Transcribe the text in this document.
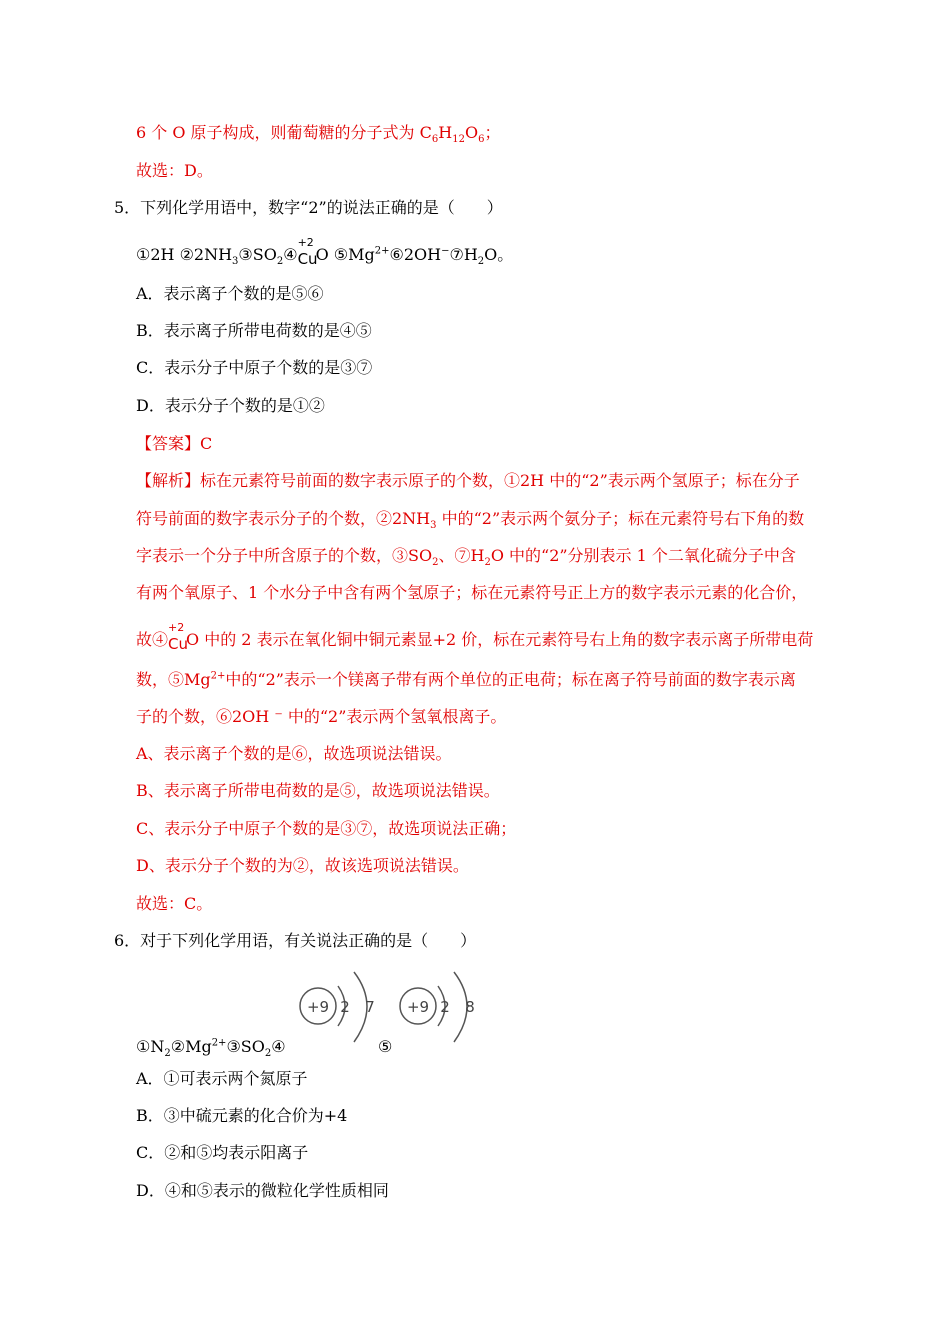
6 个 O 原子构成，则葡萄糖的分子式为 $C_6H_{12}O_6$；
故选：D。
5．下列化学用语中，数字“2”的说法正确的是（　　）
①2H $②2NH_3③SO_2④$
+2
Cu
O $⑤Mg^{2+}⑥2OH^-⑦H_2O$。
A．表示离子个数的是⑤⑥
B．表示离子所带电荷数的是④⑤
C．表示分子中原子个数的是③⑦
D．表示分子个数的是①②
【答案】C
【解析】标在元素符号前面的数字表示原子的个数，①2H 中的“2”表示两个氢原子；标在分子
符号前面的数字表示分子的个数，$②2NH_3$ 中的“2”表示两个氨分子；标在元素符号右下角的数
字表示一个分子中所含原子的个数，$③SO_2$、$⑦H_2O$ 中的“2”分别表示 1 个二氧化硫分子中含
有两个氧原子、1 个水分子中含有两个氢原子；标在元素符号正上方的数字表示元素的化合价，
故④
+2
Cu
O 中的 2 表示在氧化铜中铜元素显+2 价，标在元素符号右上角的数字表示离子所带电荷
数，$⑤Mg^{2+}$中的“2”表示一个镁离子带有两个单位的正电荷；标在离子符号前面的数字表示离
子的个数，⑥2OH ⁻ 中的“2”表示两个氢氧根离子。
A、表示离子个数的是⑥，故选项说法错误。
B、表示离子所带电荷数的是⑤，故选项说法错误。
C、表示分子中原子个数的是③⑦，故选项说法正确；
D、表示分子个数的为②，故该选项说法错误。
故选：C。
6．对于下列化学用语，有关说法正确的是（　　）
+9 2 7 +9 2 8
$①N_2②Mg^{2+}③SO_2④$	⑤
A．①可表示两个氮原子
B．③中硫元素的化合价为+4
C．②和⑤均表示阳离子
D．④和⑤表示的微粒化学性质相同
